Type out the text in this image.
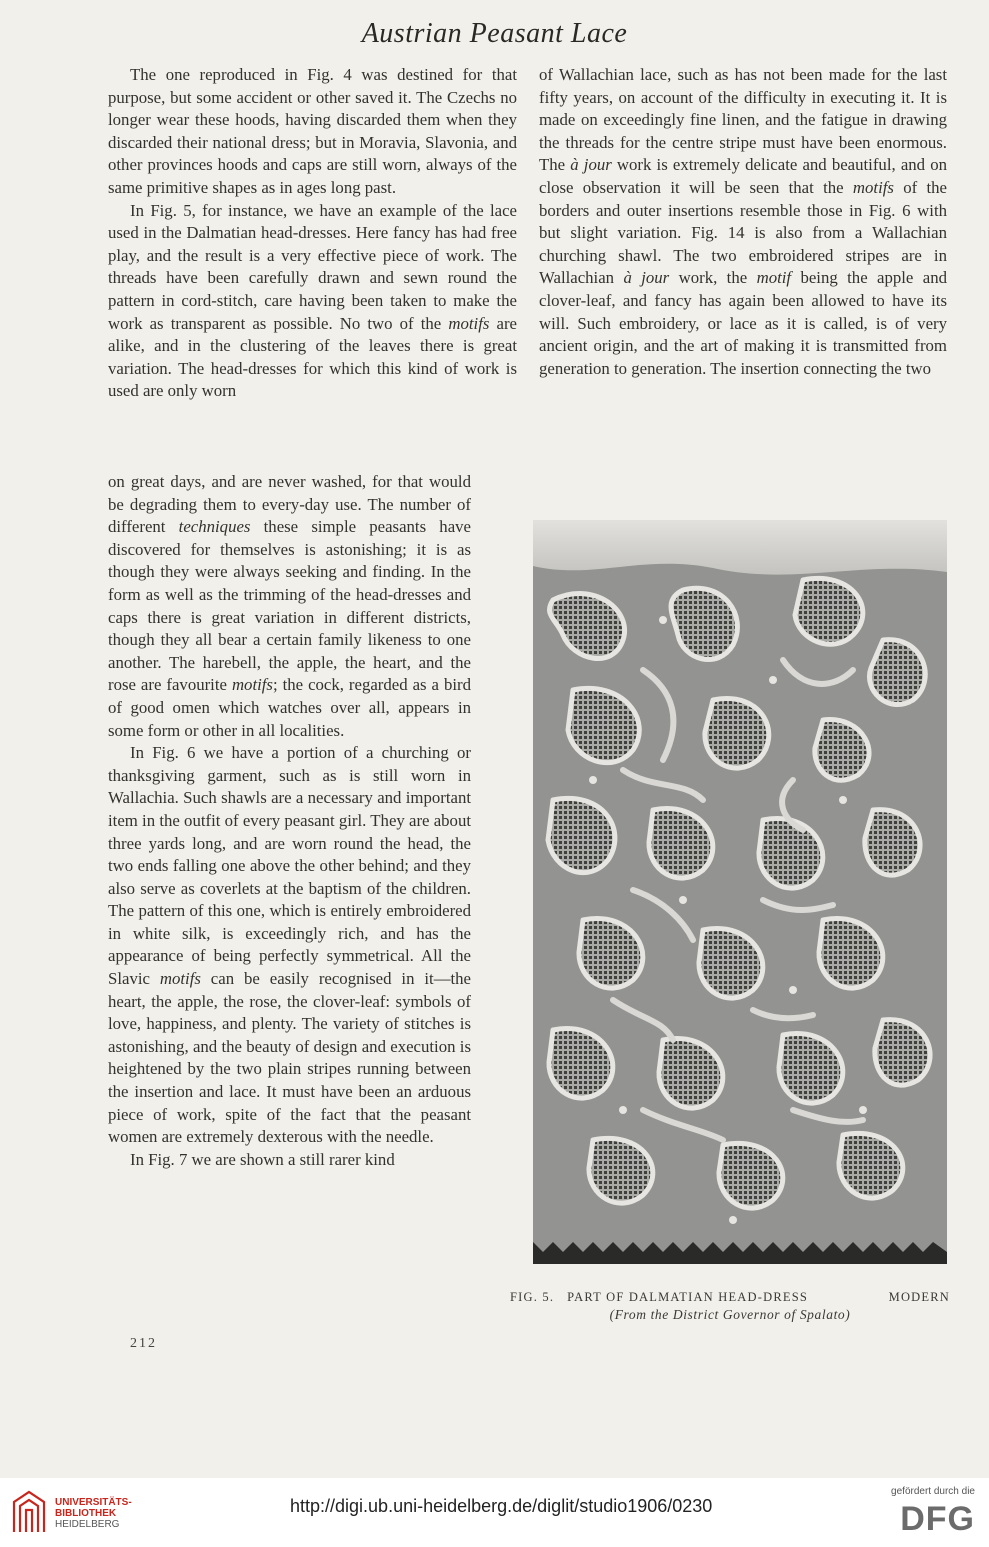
Austrian Peasant Lace

The one reproduced in Fig. 4 was destined for that purpose, but some accident or other saved it. The Czechs no longer wear these hoods, having discarded them when they discarded their national dress; but in Moravia, Slavonia, and other provinces hoods and caps are still worn, always of the same primitive shapes as in ages long past.

In Fig. 5, for instance, we have an example of the lace used in the Dalmatian head-dresses. Here fancy has had free play, and the result is a very effective piece of work. The threads have been carefully drawn and sewn round the pattern in cord-stitch, care having been taken to make the work as transparent as possible. No two of the motifs are alike, and in the clustering of the leaves there is great variation. The head-dresses for which this kind of work is used are only worn

on great days, and are never washed, for that would be degrading them to every-day use. The number of different techniques these simple peasants have discovered for themselves is astonishing; it is as though they were always seeking and finding. In the form as well as the trimming of the head-dresses and caps there is great variation in different districts, though they all bear a certain family likeness to one another. The harebell, the apple, the heart, and the rose are favourite motifs; the cock, regarded as a bird of good omen which watches over all, appears in some form or other in all localities.

In Fig. 6 we have a portion of a churching or thanksgiving garment, such as is still worn in Wallachia. Such shawls are a necessary and important item in the outfit of every peasant girl. They are about three yards long, and are worn round the head, the two ends falling one above the other behind; and they also serve as coverlets at the baptism of the children. The pattern of this one, which is entirely embroidered in white silk, is exceedingly rich, and has the appearance of being perfectly symmetrical. All the Slavic motifs can be easily recognised in it—the heart, the apple, the rose, the clover-leaf: symbols of love, happiness, and plenty. The variety of stitches is astonishing, and the beauty of design and execution is heightened by the two plain stripes running between the insertion and lace. It must have been an arduous piece of work, spite of the fact that the peasant women are extremely dexterous with the needle.

In Fig. 7 we are shown a still rarer kind

of Wallachian lace, such as has not been made for the last fifty years, on account of the difficulty in executing it. It is made on exceedingly fine linen, and the fatigue in drawing the threads for the centre stripe must have been enormous. The à jour work is extremely delicate and beautiful, and on close observation it will be seen that the motifs of the borders and outer insertions resemble those in Fig. 6 with but slight variation. Fig. 14 is also from a Wallachian churching shawl. The two embroidered stripes are in Wallachian à jour work, the motif being the apple and clover-leaf, and fancy has again been allowed to have its will. Such embroidery, or lace as it is called, is of very ancient origin, and the art of making it is transmitted from generation to generation. The insertion connecting the two

FIG. 5. PART OF DALMATIAN HEAD-DRESS	MODERN
(From the District Governor of Spalato)
212
UNIVERSITÄTS-
BIBLIOTHEK
HEIDELBERG
http://digi.ub.uni-heidelberg.de/diglit/studio1906/0230
gefördert durch die
DFG
